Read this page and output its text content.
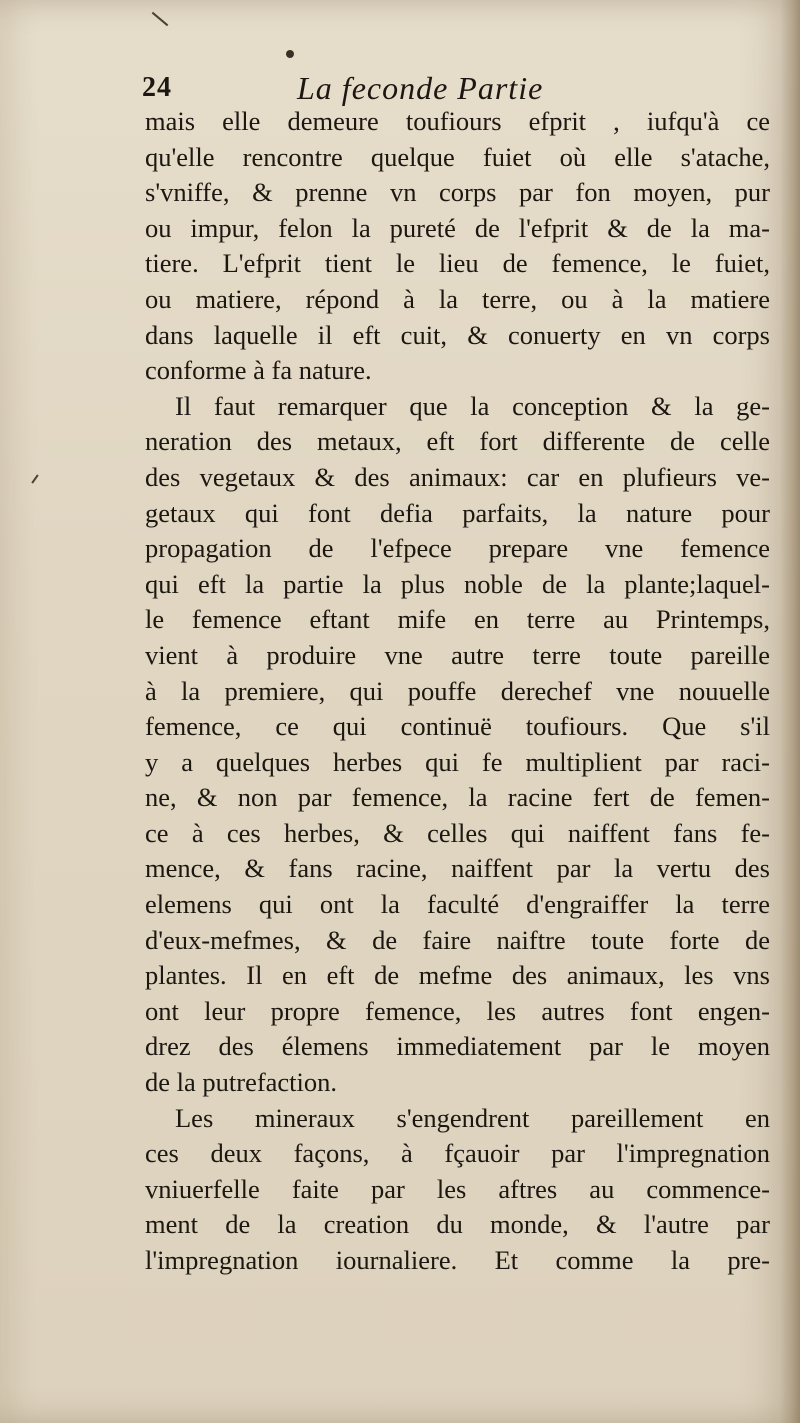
24	La feconde Partie
mais elle demeure toufiours efprit , iufqu'à ce
qu'elle rencontre quelque fuiet où elle s'atache,
s'vniffe, & prenne vn corps par fon moyen, pur
ou impur, felon la pureté de l'efprit & de la ma-
tiere. L'efprit tient le lieu de femence, le fuiet,
ou matiere, répond à la terre, ou à la matiere
dans laquelle il eft cuit, & conuerty en vn corps
conforme à fa nature.
Il faut remarquer que la conception & la ge-
neration des metaux, eft fort differente de celle
des vegetaux & des animaux: car en plufieurs ve-
getaux qui font defia parfaits, la nature pour
propagation de l'efpece prepare vne femence
qui eft la partie la plus noble de la plante;laquel-
le femence eftant mife en terre au Printemps,
vient à produire vne autre terre toute pareille
à la premiere, qui pouffe derechef vne nouuelle
femence, ce qui continuë toufiours. Que s'il
y a quelques herbes qui fe multiplient par raci-
ne, & non par femence, la racine fert de femen-
ce à ces herbes, & celles qui naiffent fans fe-
mence, & fans racine, naiffent par la vertu des
elemens qui ont la faculté d'engraiffer la terre
d'eux-mefmes, & de faire naiftre toute forte de
plantes. Il en eft de mefme des animaux, les vns
ont leur propre femence, les autres font engen-
drez des élemens immediatement par le moyen
de la putrefaction.
Les mineraux s'engendrent pareillement en
ces deux façons, à fçauoir par l'impregnation
vniuerfelle faite par les aftres au commence-
ment de la creation du monde, & l'autre par
l'impregnation iournaliere. Et comme la pre-
